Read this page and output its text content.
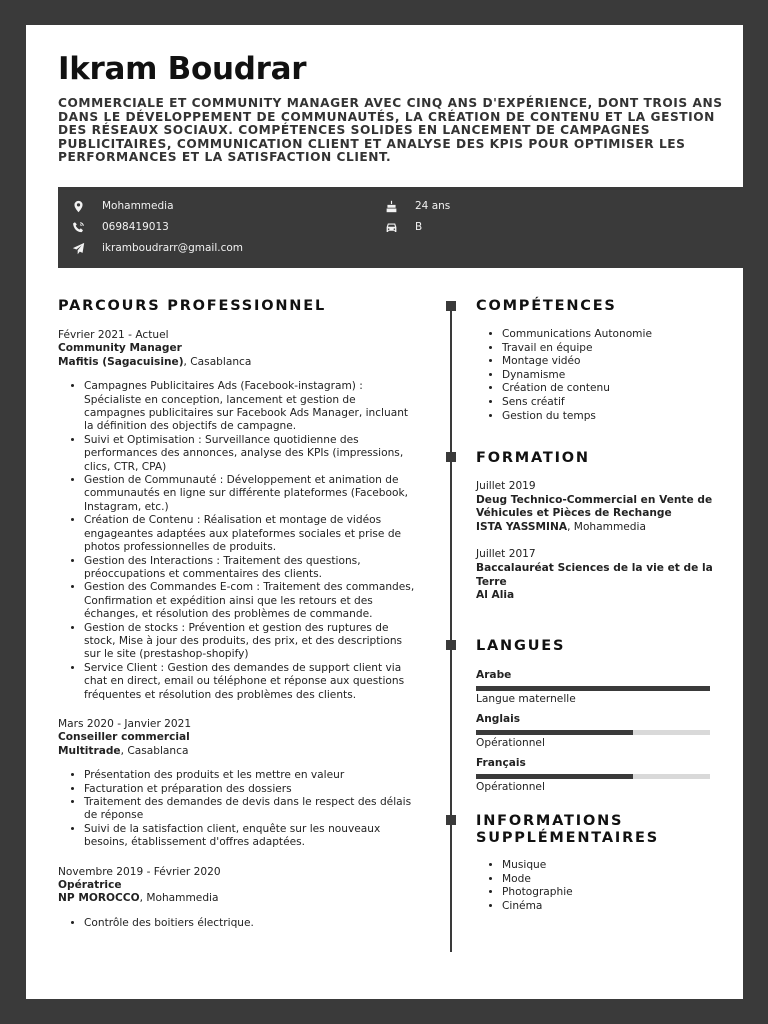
Ikram Boudrar
COMMERCIALE ET COMMUNITY MANAGER AVEC CINQ ANS D'EXPÉRIENCE, DONT TROIS ANS DANS LE DÉVELOPPEMENT DE COMMUNAUTÉS, LA CRÉATION DE CONTENU ET LA GESTION DES RÉSEAUX SOCIAUX. COMPÉTENCES SOLIDES EN LANCEMENT DE CAMPAGNES PUBLICITAIRES, COMMUNICATION CLIENT ET ANALYSE DES KPIS POUR OPTIMISER LES PERFORMANCES ET LA SATISFACTION CLIENT.
Mohammedia
0698419013
ikramboudrarr@gmail.com
24 ans
B
PARCOURS PROFESSIONNEL
Février 2021 - Actuel
Community Manager
Mafitis (Sagacuisine), Casablanca
• Campagnes Publicitaires Ads (Facebook-instagram) : Spécialiste en conception, lancement et gestion de campagnes publicitaires sur Facebook Ads Manager, incluant la définition des objectifs de campagne.
• Suivi et Optimisation : Surveillance quotidienne des performances des annonces, analyse des KPIs (impressions, clics, CTR, CPA)
• Gestion de Communauté : Développement et animation de communautés en ligne sur différente plateformes (Facebook, Instagram, etc.)
• Création de Contenu : Réalisation et montage de vidéos engageantes adaptées aux plateformes sociales et prise de photos professionnelles de produits.
• Gestion des Interactions : Traitement des questions, préoccupations et commentaires des clients.
• Gestion des Commandes E-com : Traitement des commandes, Confirmation et expédition ainsi que les retours et des échanges, et résolution des problèmes de commande.
• Gestion de stocks : Prévention et gestion des ruptures de stock, Mise à jour des produits, des prix, et des descriptions sur le site (prestashop-shopify)
• Service Client : Gestion des demandes de support client via chat en direct, email ou téléphone et réponse aux questions fréquentes et résolution des problèmes des clients.
Mars 2020 - Janvier 2021
Conseiller commercial
Multitrade, Casablanca
• Présentation des produits et les mettre en valeur
• Facturation et préparation des dossiers
• Traitement des demandes de devis dans le respect des délais de réponse
• Suivi de la satisfaction client, enquête sur les nouveaux besoins, établissement d'offres adaptées.
Novembre 2019 - Février 2020
Opératrice
NP MOROCCO, Mohammedia
• Contrôle des boitiers électrique.
COMPÉTENCES
• Communications Autonomie
• Travail en équipe
• Montage vidéo
• Dynamisme
• Création de contenu
• Sens créatif
• Gestion du temps
FORMATION
Juillet 2019
Deug Technico-Commercial en Vente de Véhicules et Pièces de Rechange
ISTA YASSMINA, Mohammedia
Juillet 2017
Baccalauréat Sciences de la vie et de la Terre
Al Alia
LANGUES
Arabe
Langue maternelle
Anglais
Opérationnel
Français
Opérationnel
INFORMATIONS SUPPLÉMENTAIRES
• Musique
• Mode
• Photographie
• Cinéma
